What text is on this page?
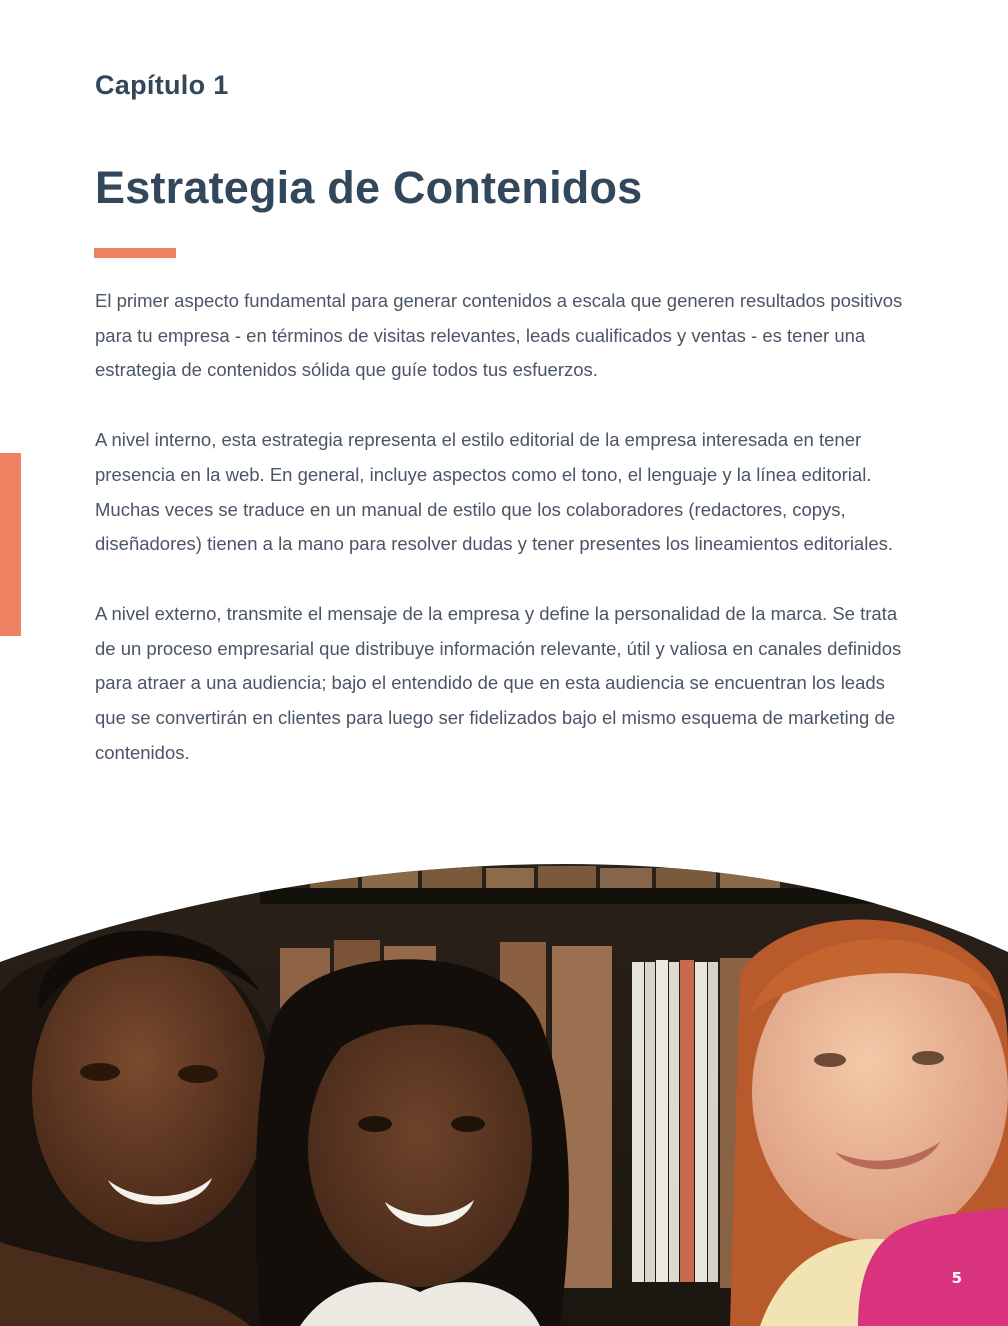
Capítulo 1
Estrategia de Contenidos

El primer aspecto fundamental para generar contenidos a escala que generen resultados positivos para tu empresa - en términos de visitas relevantes, leads cualificados y ventas - es tener una estrategia de contenidos sólida que guíe todos tus esfuerzos.

A nivel interno, esta estrategia representa el estilo editorial de la empresa interesada en tener presencia en la web. En general, incluye aspectos como el tono, el lenguaje y la línea editorial. Muchas veces se traduce en un manual de estilo que los colaboradores (redactores, copys, diseñadores) tienen a la mano para resolver dudas y tener presentes los lineamientos editoriales.

A nivel externo, transmite el mensaje de la empresa y define la personalidad de la marca. Se trata de un proceso empresarial que distribuye información relevante, útil y valiosa en canales definidos para atraer a una audiencia; bajo el entendido de que en esta audiencia se encuentran los leads que se convertirán en clientes para luego ser fidelizados bajo el mismo esquema de marketing de contenidos.

5
